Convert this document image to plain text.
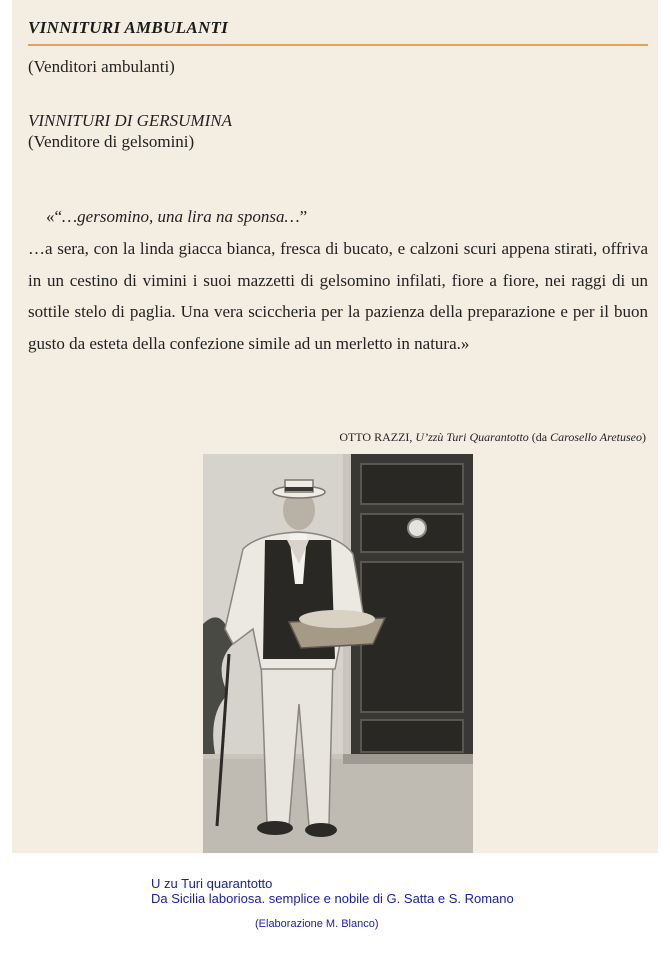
VINNITURI AMBULANTI
(Venditori ambulanti)
VINNITURI DI GERSUMINA
(Venditore di gelsomini)
«“…gersomino, una lira na sponsa…”
…a sera, con la linda giacca bianca, fresca di bucato, e calzoni scuri appena stirati, offriva in un cestino di vimini i suoi mazzetti di gelsomino infilati, fiore a fiore, nei raggi di un sottile stelo di paglia. Una vera sciccheria per la pazienza della preparazione e per il buon gusto da esteta della confezione simile ad un merletto in natura.»
OTTO RAZZI, U’zzù Turi Quarantotto (da Carosello Aretuseo)
U zu Turi quarantotto
Da Sicilia laboriosa. semplice e nobile di G. Satta e S. Romano
(Elaborazione M. Blanco)
